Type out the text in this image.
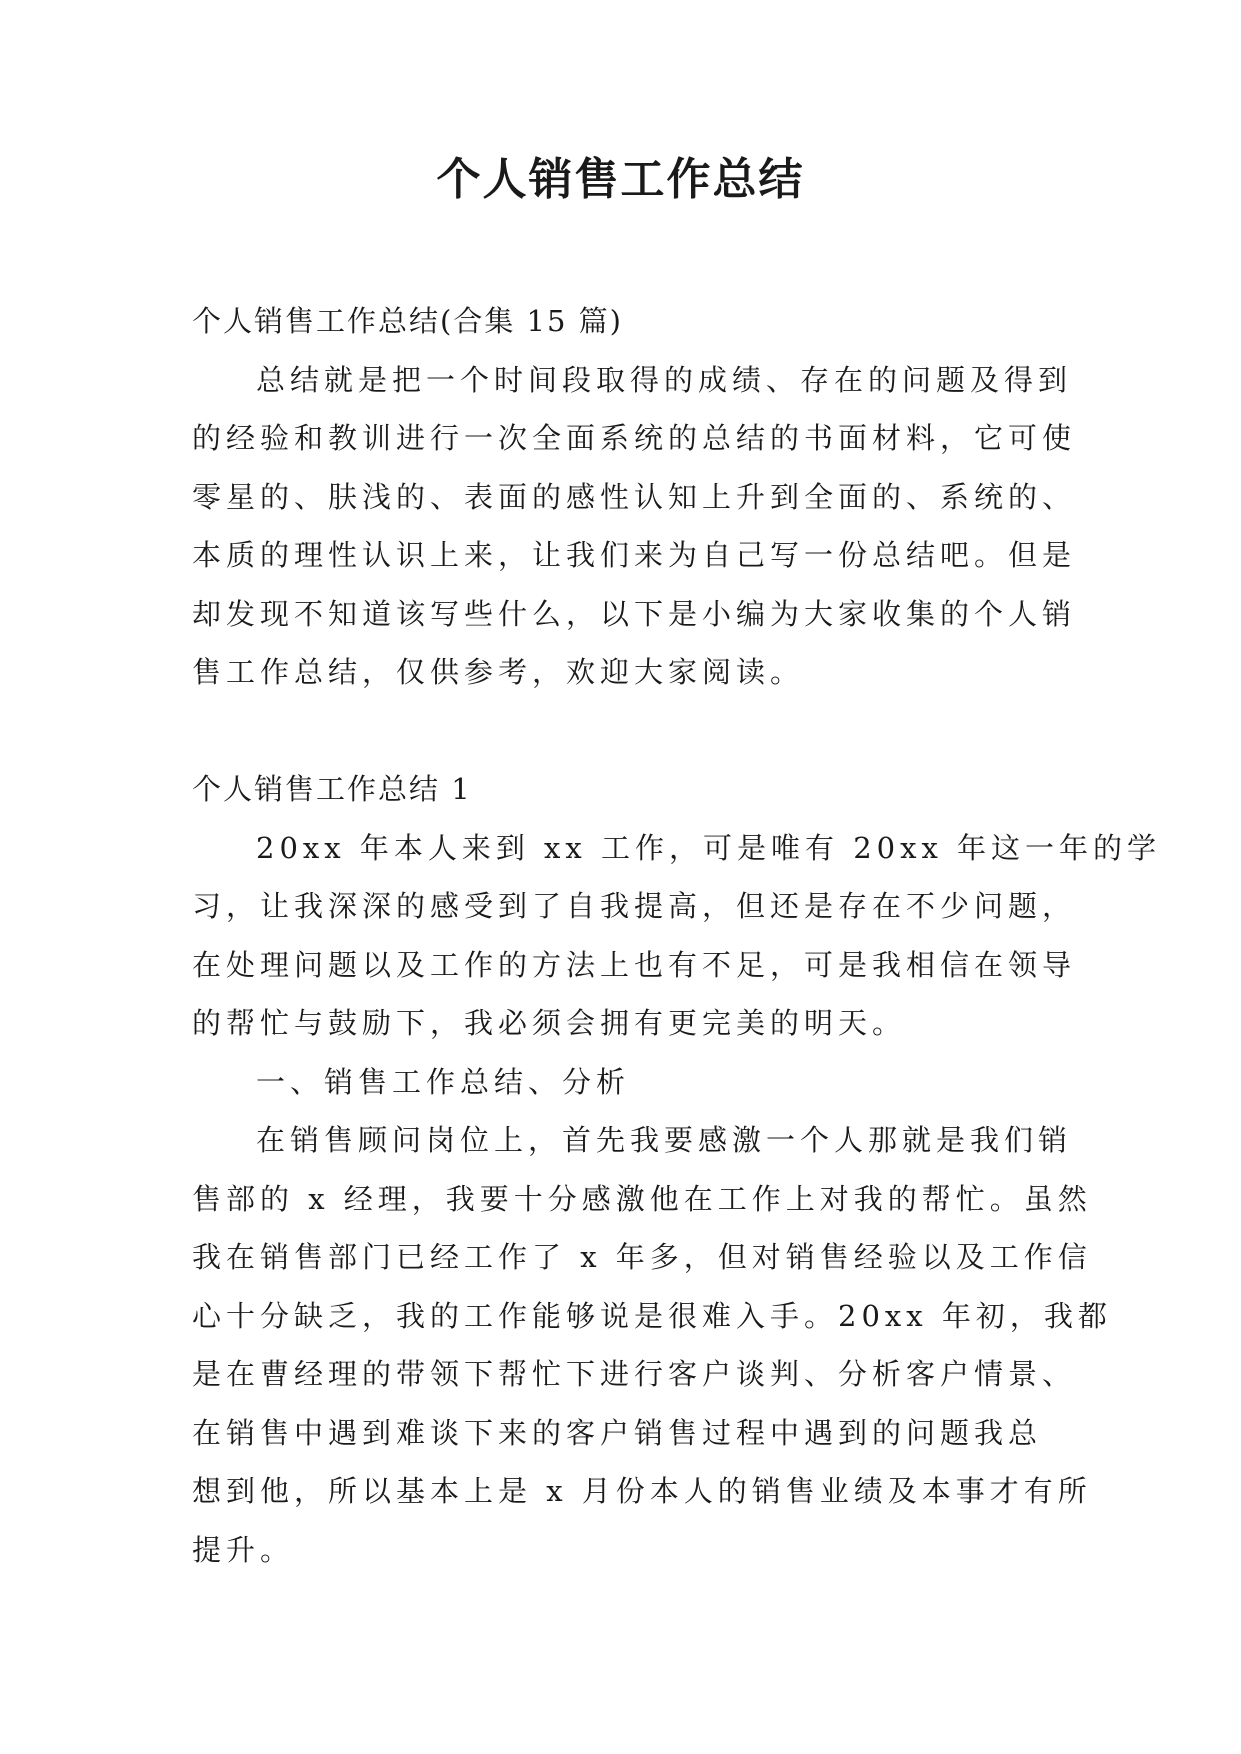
个人销售工作总结
个人销售工作总结(合集 15 篇)
总结就是把一个时间段取得的成绩、存在的问题及得到
的经验和教训进行一次全面系统的总结的书面材料，它可使
零星的、肤浅的、表面的感性认知上升到全面的、系统的、
本质的理性认识上来，让我们来为自己写一份总结吧。但是
却发现不知道该写些什么，以下是小编为大家收集的个人销
售工作总结，仅供参考，欢迎大家阅读。
个人销售工作总结 1
20xx 年本人来到 xx 工作，可是唯有 20xx 年这一年的学
习，让我深深的感受到了自我提高，但还是存在不少问题，
在处理问题以及工作的方法上也有不足，可是我相信在领导
的帮忙与鼓励下，我必须会拥有更完美的明天。
一、销售工作总结、分析
在销售顾问岗位上，首先我要感激一个人那就是我们销
售部的 x 经理，我要十分感激他在工作上对我的帮忙。虽然
我在销售部门已经工作了 x 年多，但对销售经验以及工作信
心十分缺乏，我的工作能够说是很难入手。20xx 年初，我都
是在曹经理的带领下帮忙下进行客户谈判、分析客户情景、
在销售中遇到难谈下来的客户销售过程中遇到的问题我总
想到他，所以基本上是 x 月份本人的销售业绩及本事才有所
提升。
